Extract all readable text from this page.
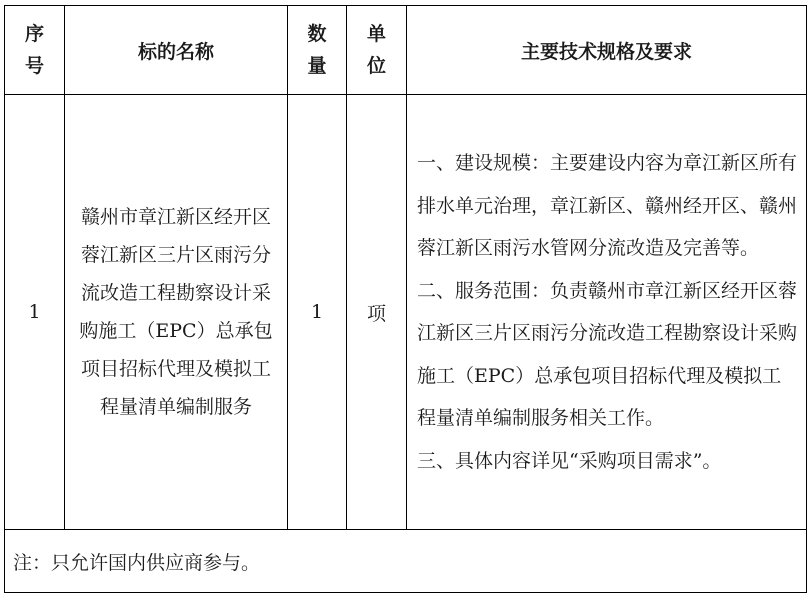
序号	标的名称	数量	单位	主要技术规格及要求
1	赣州市章江新区经开区蓉江新区三片区雨污分流改造工程勘察设计采购施工（EPC）总承包项目招标代理及模拟工程量清单编制服务	1	项	一、建设规模：主要建设内容为章江新区所有排水单元治理，章江新区、赣州经开区、赣州蓉江新区雨污水管网分流改造及完善等。

二、服务范围：负责赣州市章江新区经开区蓉江新区三片区雨污分流改造工程勘察设计采购施工（EPC）总承包项目招标代理及模拟工程量清单编制服务相关工作。

三、具体内容详见“采购项目需求”。

注：只允许国内供应商参与。				
